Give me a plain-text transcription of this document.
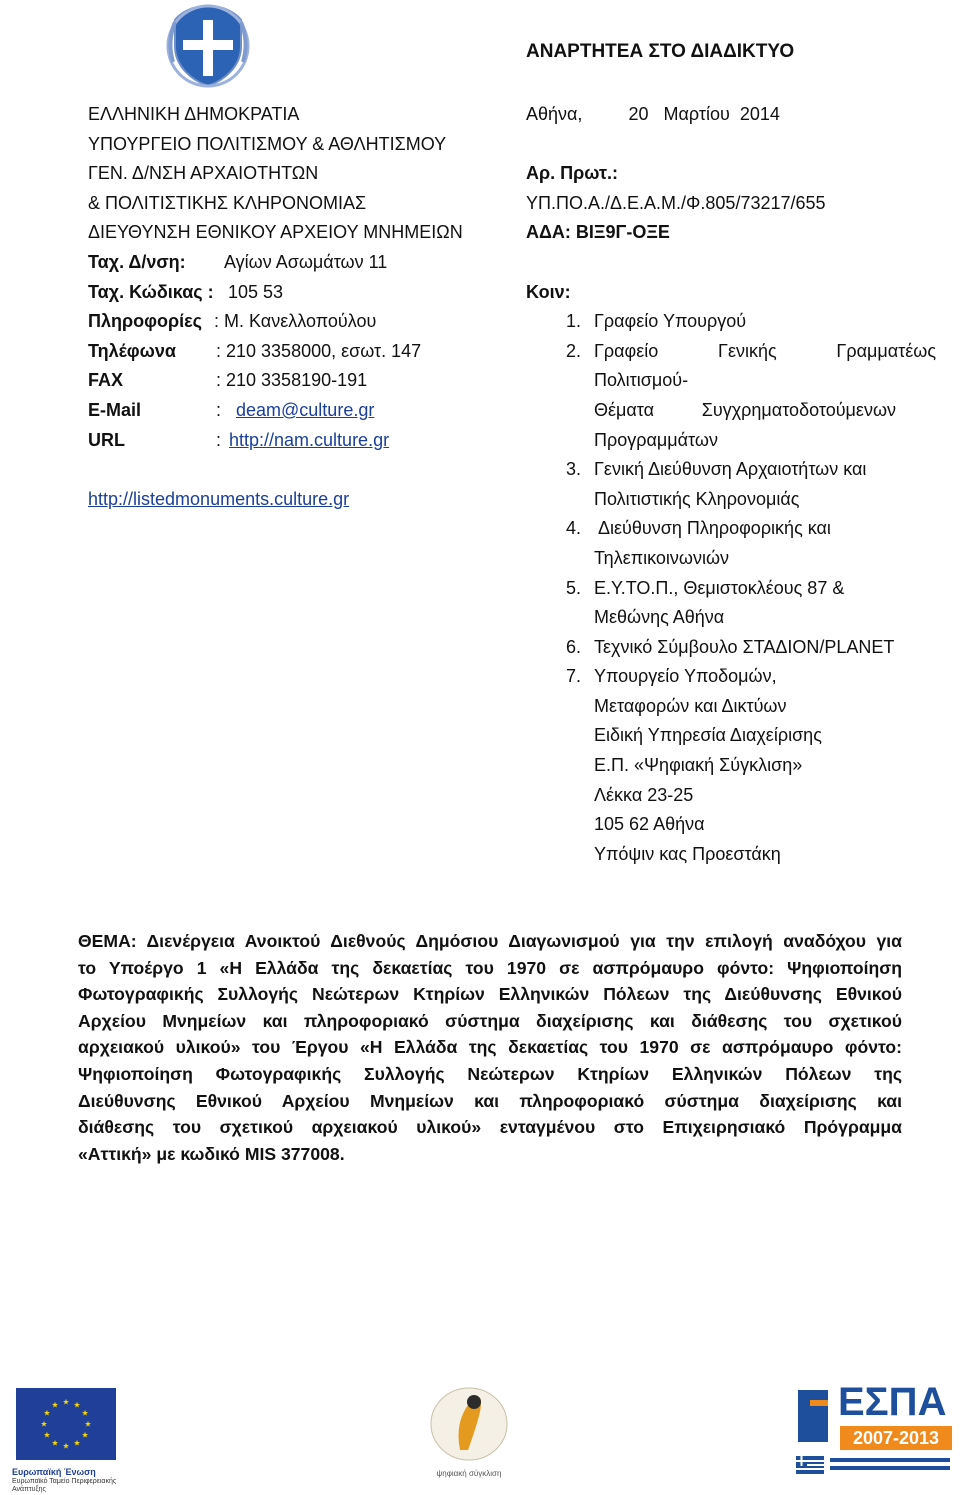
ΑΝΑΡΤΗΤΕΑ ΣΤΟ ΔΙΑΔΙΚΤΥΟ
ΕΛΛΗΝΙΚΗ ΔΗΜΟΚΡΑΤΙΑ
ΥΠΟΥΡΓΕΙΟ ΠΟΛΙΤΙΣΜΟΥ & ΑΘΛΗΤΙΣΜΟΥ
ΓΕΝ. Δ/ΝΣΗ ΑΡΧΑΙΟΤΗΤΩΝ
& ΠΟΛΙΤΙΣΤΙΚΗΣ ΚΛΗΡΟΝΟΜΙΑΣ
ΔΙΕΥΘΥΝΣΗ ΕΘΝΙΚΟΥ ΑΡΧΕΙΟΥ ΜΝΗΜΕΙΩΝ
Ταχ. Δ/νση: Αγίων Ασωμάτων 11
Ταχ. Κώδικας : 105 53
Πληροφορίες : Μ. Κανελλοπούλου
Τηλέφωνα : 210 3358000, εσωτ. 147
FAX	: 210 3358190-191
E-Mail	: deam@culture.gr
URL	: http://nam.culture.gr
http://listedmonuments.culture.gr
Αθήνα,	20   Μαρτίου  2014
Αρ. Πρωτ.:
ΥΠ.ΠΟ.Α./Δ.Ε.Α.Μ./Φ.805/73217/655
ΑΔΑ: ΒΙΞ9Γ-ΟΞΕ
Κοιν:
1. Γραφείο Υπουργού
2. Γραφείο Γενικής Γραμματέως
Πολιτισμού-
Θέματα Συγχρηματοδοτούμενων
Προγραμμάτων
3. Γενική Διεύθυνση Αρχαιοτήτων και
Πολιτιστικής Κληρονομιάς
4. Διεύθυνση Πληροφορικής και
Τηλεπικοινωνιών
5. Ε.Υ.ΤΟ.Π., Θεμιστοκλέους 87 &
Μεθώνης Αθήνα
6. Τεχνικό Σύμβουλο ΣΤΑΔΙΟΝ/PLANET
7. Υπουργείο Υποδομών,
Μεταφορών και Δικτύων
Ειδική Υπηρεσία Διαχείρισης
Ε.Π. «Ψηφιακή Σύγκλιση»
Λέκκα 23-25
105 62 Αθήνα
Υπόψιν κας Προεστάκη
ΘΕΜΑ: Διενέργεια Ανοικτού Διεθνούς Δημόσιου Διαγωνισμού για την επιλογή αναδόχου για
το Υποέργο 1 «Η Ελλάδα της δεκαετίας του 1970 σε ασπρόμαυρο φόντο: Ψηφιοποίηση
Φωτογραφικής Συλλογής Νεώτερων Κτηρίων Ελληνικών Πόλεων της Διεύθυνσης Εθνικού
Αρχείου Μνημείων και πληροφοριακό σύστημα διαχείρισης και διάθεσης του σχετικού
αρχειακού υλικού» του Έργου «Η Ελλάδα της δεκαετίας του 1970 σε ασπρόμαυρο φόντο:
Ψηφιοποίηση Φωτογραφικής Συλλογής Νεώτερων Κτηρίων Ελληνικών Πόλεων της
Διεύθυνσης Εθνικού Αρχείου Μνημείων και πληροφοριακό σύστημα διαχείρισης και
διάθεσης του σχετικού αρχειακού υλικού» ενταγμένου στο Επιχειρησιακό Πρόγραμμα
«Αττική» με κωδικό MIS 377008.
Ευρωπαϊκή Ένωση
Ευρωπαϊκό Ταμείο Περιφερειακής Ανάπτυξης
ψηφιακή σύγκλιση
ΕΣΠΑ
2007-2013
